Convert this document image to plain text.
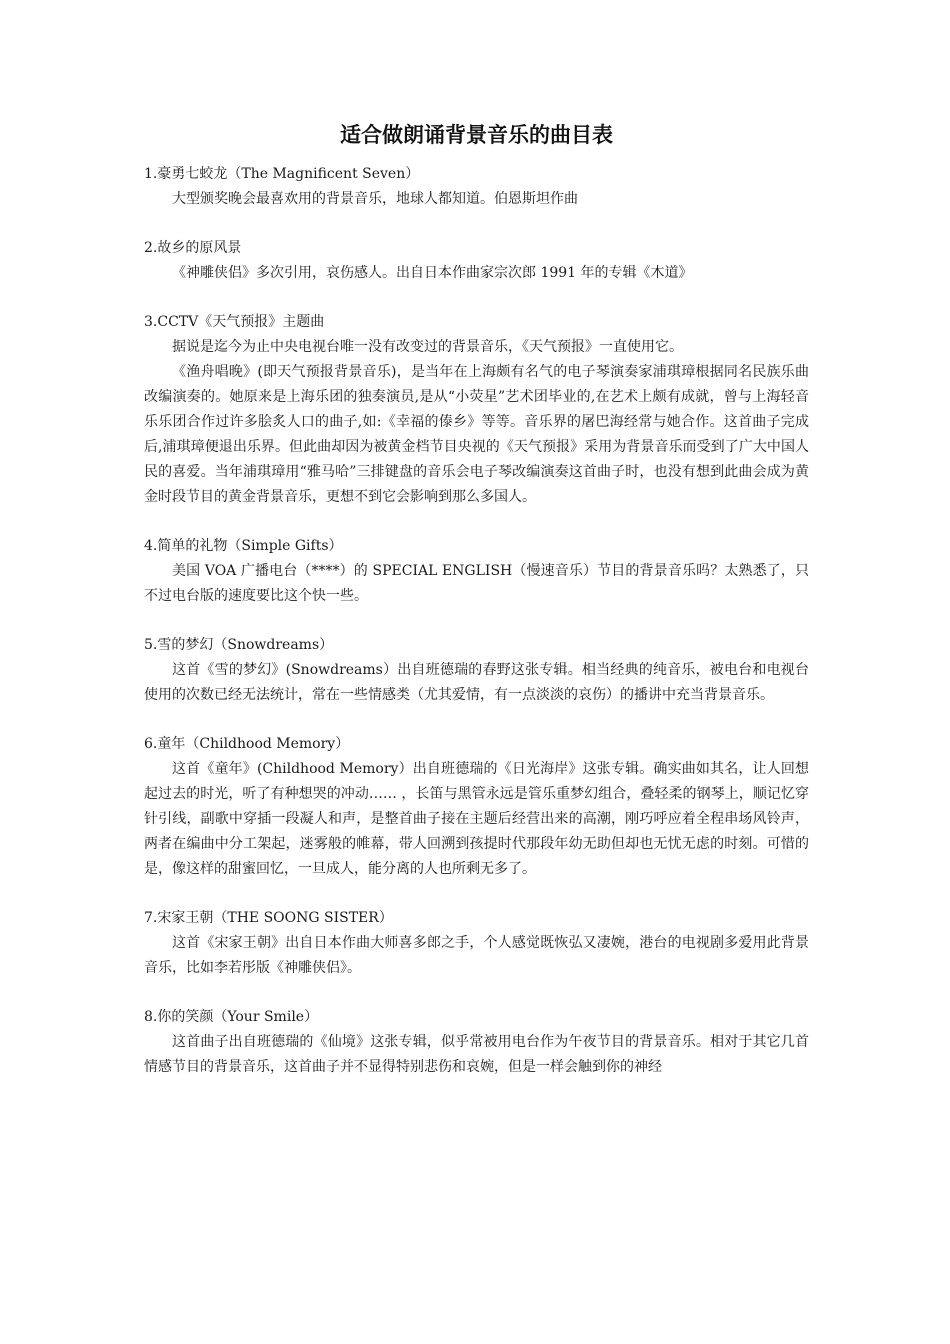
适合做朗诵背景音乐的曲目表

1.豪勇七蛟龙（The Magnificent Seven）

大型颁奖晚会最喜欢用的背景音乐，地球人都知道。伯恩斯坦作曲

2.故乡的原风景

《神雕侠侣》多次引用，哀伤感人。出自日本作曲家宗次郎 1991 年的专辑《木道》

3.CCTV《天气预报》主题曲

据说是迄今为止中央电视台唯一没有改变过的背景音乐，《天气预报》一直使用它。

《渔舟唱晚》(即天气预报背景音乐)，是当年在上海颇有名气的电子琴演奏家浦琪璋根据同名民族乐曲改编演奏的。她原来是上海乐团的独奏演员,是从“小荧星”艺术团毕业的,在艺术上颇有成就，曾与上海轻音乐乐团合作过许多脍炙人口的曲子,如:《幸福的傣乡》等等。音乐界的屠巴海经常与她合作。这首曲子完成后,浦琪璋便退出乐界。但此曲却因为被黄金档节目央视的《天气预报》采用为背景音乐而受到了广大中国人民的喜爱。当年浦琪璋用“雅马哈”三排键盘的音乐会电子琴改编演奏这首曲子时，也没有想到此曲会成为黄金时段节目的黄金背景音乐，更想不到它会影响到那么多国人。

4.简单的礼物（Simple Gifts）

美国 VOA 广播电台（****）的 SPECIAL ENGLISH（慢速音乐）节目的背景音乐吗？太熟悉了，只不过电台版的速度要比这个快一些。

5.雪的梦幻（Snowdreams）

这首《雪的梦幻》(Snowdreams）出自班德瑞的春野这张专辑。相当经典的纯音乐，被电台和电视台使用的次数已经无法统计，常在一些情感类（尤其爱情，有一点淡淡的哀伤）的播讲中充当背景音乐。

6.童年（Childhood Memory）

这首《童年》(Childhood Memory）出自班德瑞的《日光海岸》这张专辑。确实曲如其名，让人回想起过去的时光，听了有种想哭的冲动…… ，长笛与黑管永远是管乐重梦幻组合，叠轻柔的钢琴上，顺记忆穿针引线，副歌中穿插一段凝人和声，是整首曲子接在主题后经营出来的高潮，刚巧呼应着全程串场风铃声，两者在编曲中分工架起，迷雾般的帷幕，带人回溯到孩提时代那段年幼无助但却也无忧无虑的时刻。可惜的是，像这样的甜蜜回忆，一旦成人，能分离的人也所剩无多了。

7.宋家王朝（THE SOONG SISTER）

这首《宋家王朝》出自日本作曲大师喜多郎之手，个人感觉既恢弘又凄婉，港台的电视剧多爱用此背景音乐，比如李若彤版《神雕侠侣》。

8.你的笑颜（Your Smile）

这首曲子出自班德瑞的《仙境》这张专辑，似乎常被用电台作为午夜节目的背景音乐。相对于其它几首情感节目的背景音乐，这首曲子并不显得特别悲伤和哀婉，但是一样会触到你的神经
